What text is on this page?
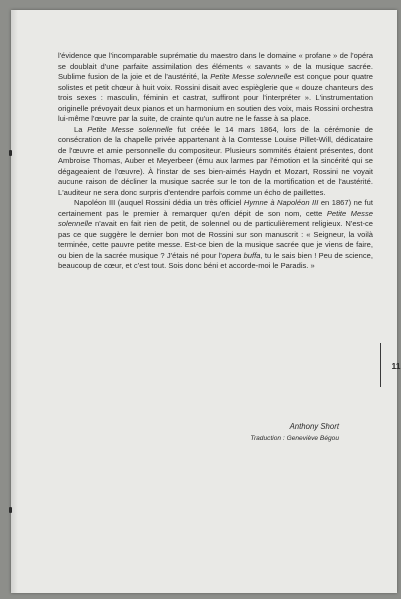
l'évidence que l'incomparable suprématie du maestro dans le domaine « profane » de l'opéra se doublait d'une parfaite assimilation des éléments « savants » de la musique sacrée. Sublime fusion de la joie et de l'austérité, la Petite Messe solennelle est conçue pour quatre solistes et petit chœur à huit voix. Rossini disait avec espièglerie que « douze chanteurs des trois sexes : masculin, féminin et castrat, suffiront pour l'interpréter ». L'instrumentation originelle prévoyait deux pianos et un harmonium en soutien des voix, mais Rossini orchestra lui-même l'œuvre par la suite, de crainte qu'un autre ne le fasse à sa place.

La Petite Messe solennelle fut créée le 14 mars 1864, lors de la cérémonie de consécration de la chapelle privée appartenant à la Comtesse Louise Pillet-Will, dédicataire de l'œuvre et amie personnelle du compositeur. Plusieurs sommités étaient présentes, dont Ambroise Thomas, Auber et Meyerbeer (ému aux larmes par l'émotion et la sincérité qui se dégageaient de l'œuvre). À l'instar de ses bien-aimés Haydn et Mozart, Rossini ne voyait aucune raison de décliner la musique sacrée sur le ton de la mortification et de l'austérité. L'auditeur ne sera donc surpris d'entendre parfois comme un écho de paillettes.

Napoléon III (auquel Rossini dédia un très officiel Hymne à Napoléon III en 1867) ne fut certainement pas le premier à remarquer qu'en dépit de son nom, cette Petite Messe solennelle n'avait en fait rien de petit, de solennel ou de particulièrement religieux. N'est-ce pas ce que suggère le dernier bon mot de Rossini sur son manuscrit : « Seigneur, la voilà terminée, cette pauvre petite messe. Est-ce bien de la musique sacrée que je viens de faire, ou bien de la sacrée musique ? J'étais né pour l'opera buffa, tu le sais bien ! Peu de science, beaucoup de cœur, et c'est tout. Sois donc béni et accorde-moi le Paradis. »

11
Anthony Short
Traduction : Geneviève Bégou
